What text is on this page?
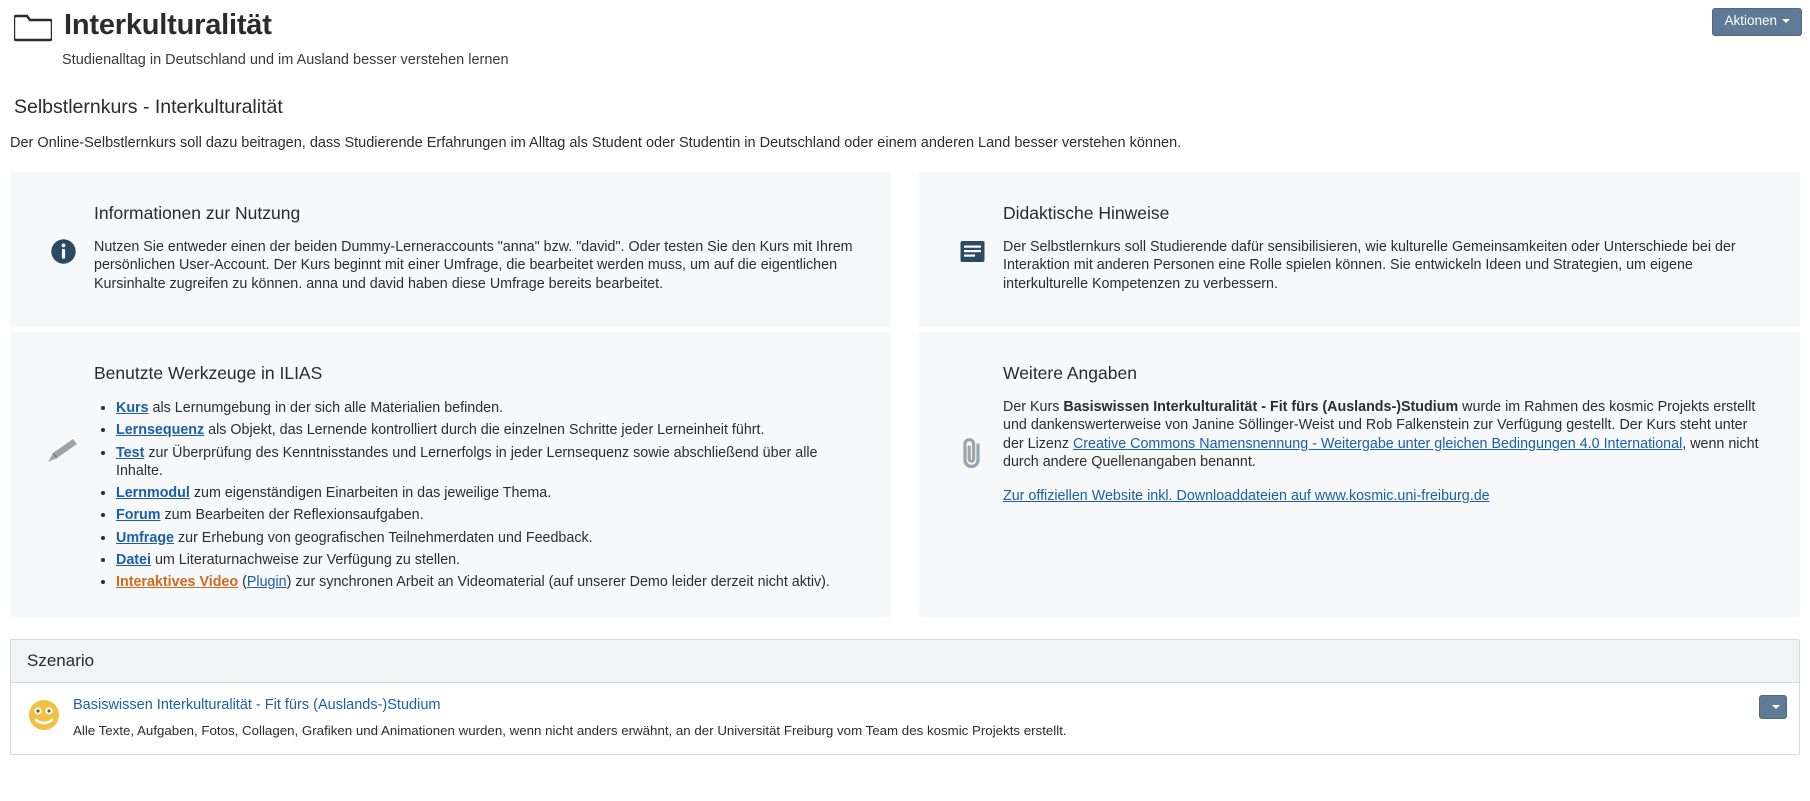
Interkulturalität
Studienalltag in Deutschland und im Ausland besser verstehen lernen
Aktionen
Selbstlernkurs - Interkulturalität
Der Online-Selbstlernkurs soll dazu beitragen, dass Studierende Erfahrungen im Alltag als Student oder Studentin in Deutschland oder einem anderen Land besser verstehen können.
Informationen zur Nutzung
Nutzen Sie entweder einen der beiden Dummy-Lerneraccounts "anna" bzw. "david". Oder testen Sie den Kurs mit Ihrem persönlichen User-Account. Der Kurs beginnt mit einer Umfrage, die bearbeitet werden muss, um auf die eigentlichen Kursinhalte zugreifen zu können. anna und david haben diese Umfrage bereits bearbeitet.
Didaktische Hinweise
Der Selbstlernkurs soll Studierende dafür sensibilisieren, wie kulturelle Gemeinsamkeiten oder Unterschiede bei der Interaktion mit anderen Personen eine Rolle spielen können. Sie entwickeln Ideen und Strategien, um eigene interkulturelle Kompetenzen zu verbessern.
Benutzte Werkzeuge in ILIAS
• Kurs als Lernumgebung in der sich alle Materialien befinden.
• Lernsequenz als Objekt, das Lernende kontrolliert durch die einzelnen Schritte jeder Lerneinheit führt.
• Test zur Überprüfung des Kenntnisstandes und Lernerfolgs in jeder Lernsequenz sowie abschließend über alle Inhalte.
• Lernmodul zum eigenständigen Einarbeiten in das jeweilige Thema.
• Forum zum Bearbeiten der Reflexionsaufgaben.
• Umfrage zur Erhebung von geografischen Teilnehmerdaten und Feedback.
• Datei um Literaturnachweise zur Verfügung zu stellen.
• Interaktives Video (Plugin) zur synchronen Arbeit an Videomaterial (auf unserer Demo leider derzeit nicht aktiv).
Weitere Angaben

Der Kurs Basiswissen Interkulturalität - Fit fürs (Auslands-)Studium wurde im Rahmen des kosmic Projekts erstellt und dankenswerterweise von Janine Söllinger-Weist und Rob Falkenstein zur Verfügung gestellt. Der Kurs steht unter der Lizenz Creative Commons Namensnennung - Weitergabe unter gleichen Bedingungen 4.0 International, wenn nicht durch andere Quellenangaben benannt.

Zur offiziellen Website inkl. Downloaddateien auf www.kosmic.uni-freiburg.de

Szenario
Basiswissen Interkulturalität - Fit fürs (Auslands-)Studium
Alle Texte, Aufgaben, Fotos, Collagen, Grafiken und Animationen wurden, wenn nicht anders erwähnt, an der Universität Freiburg vom Team des kosmic Projekts erstellt.
